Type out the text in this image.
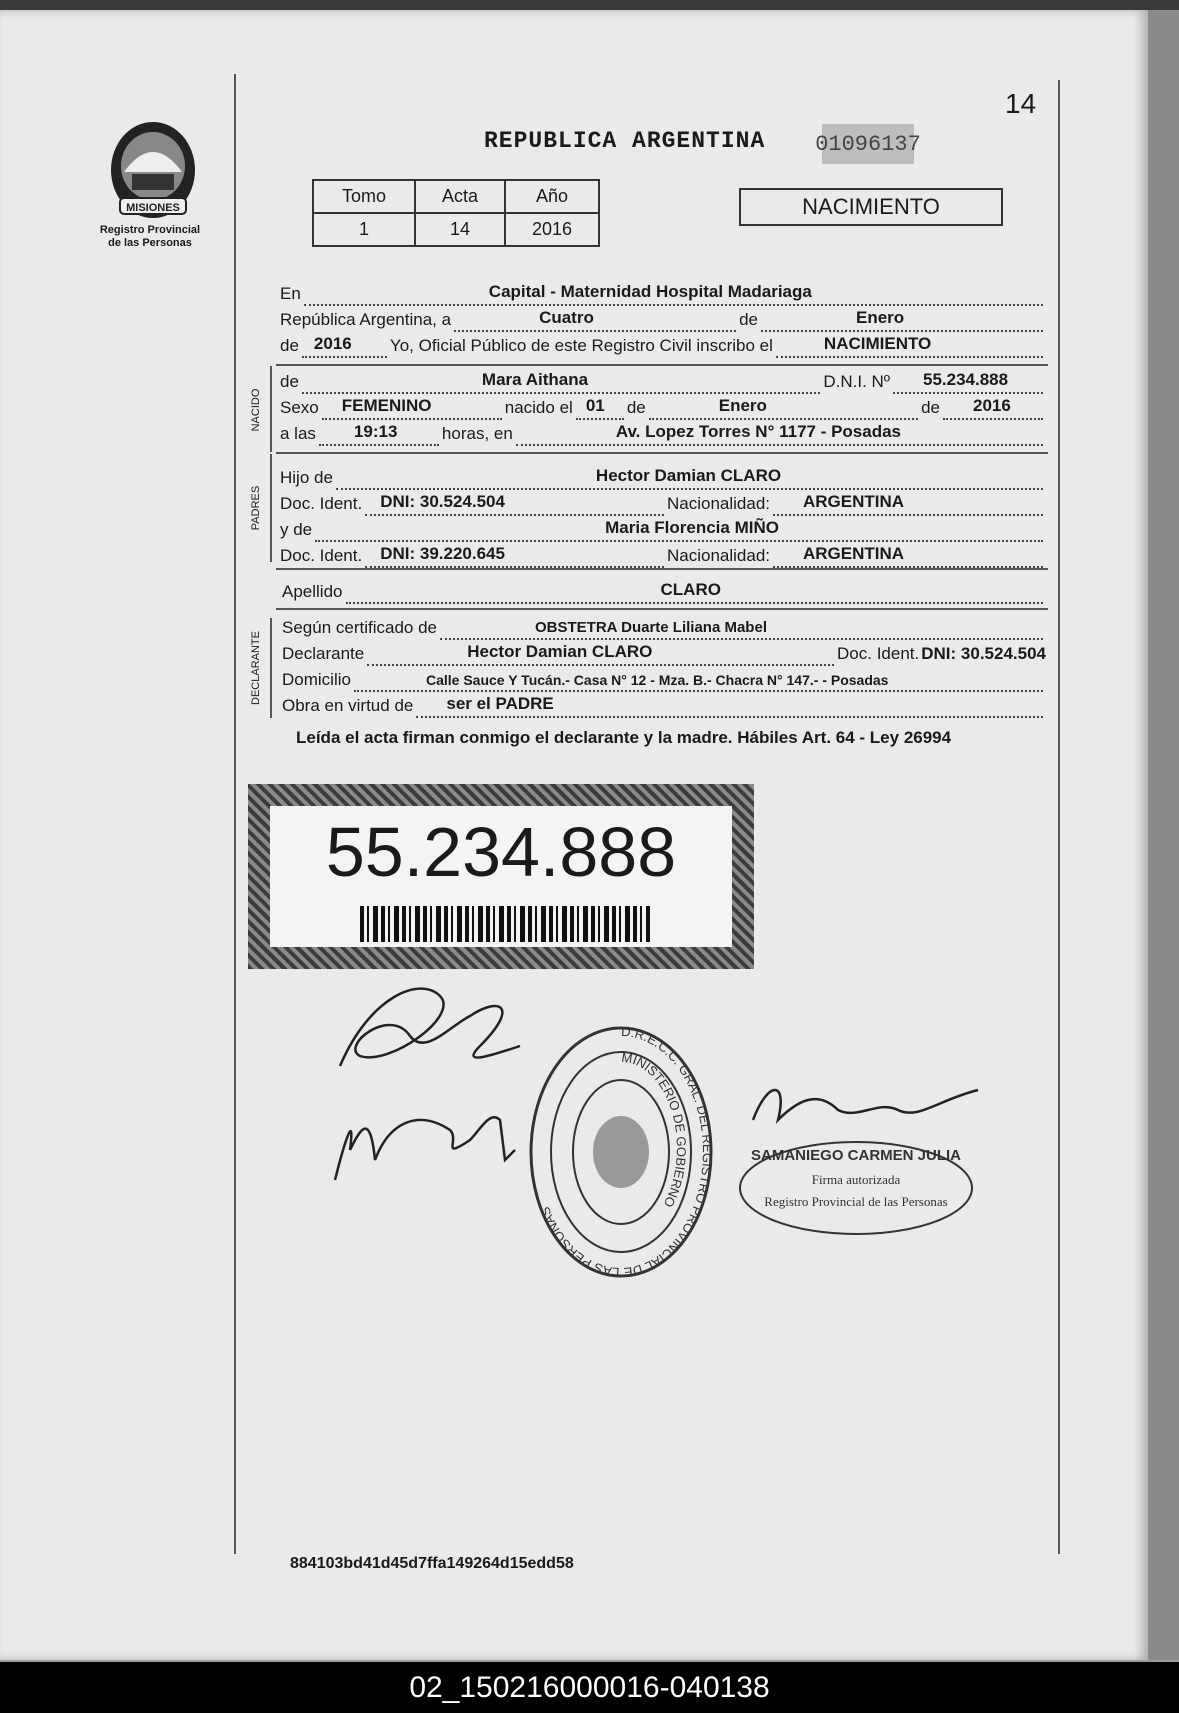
MISIONES
Registro Provincial
de las Personas
14
REPUBLICA ARGENTINA 01096137
Tomo	Acta	Año
1	14	2016
NACIMIENTO
En	Capital - Maternidad Hospital Madariaga
República Argentina, a	Cuatro	de	Enero
de 2016 Yo, Oficial Público de este Registro Civil inscribo el	NACIMIENTO
NACIDO
de	Mara Aithana	D.N.I. Nº 55.234.888
Sexo FEMENINO	nacido el 01 de	Enero	de 2016
a las 19:13	horas, en	Av. Lopez Torres N° 1177 - Posadas
PADRES
Hijo de	Hector Damian CLARO
Doc. Ident. DNI: 30.524.504	Nacionalidad: ARGENTINA
y de	Maria Florencia MIÑO
Doc. Ident. DNI: 39.220.645	Nacionalidad: ARGENTINA
Apellido	CLARO
DECLARANTE
Según certificado de	OBSTETRA Duarte Liliana Mabel
Declarante	Hector Damian CLARO	Doc. Ident. DNI: 30.524.504
Domicilio	Calle Sauce Y Tucán.- Casa N° 12 - Mza. B.- Chacra N° 147.- - Posadas
Obra en virtud de ser el PADRE
Leída el acta firman conmigo el declarante y la madre. Hábiles Art. 64 - Ley 26994
55.234.888
D.R.E.C.C. GRAL. DEL REGISTRO PROVINCIAL DE LAS PERSONAS
MINISTERIO DE GOBIERNO
SAMANIEGO CARMEN JULIA
Firma autorizada
Registro Provincial de las Personas
884103bd41d45d7ffa149264d15edd58
02_150216000016-040138
